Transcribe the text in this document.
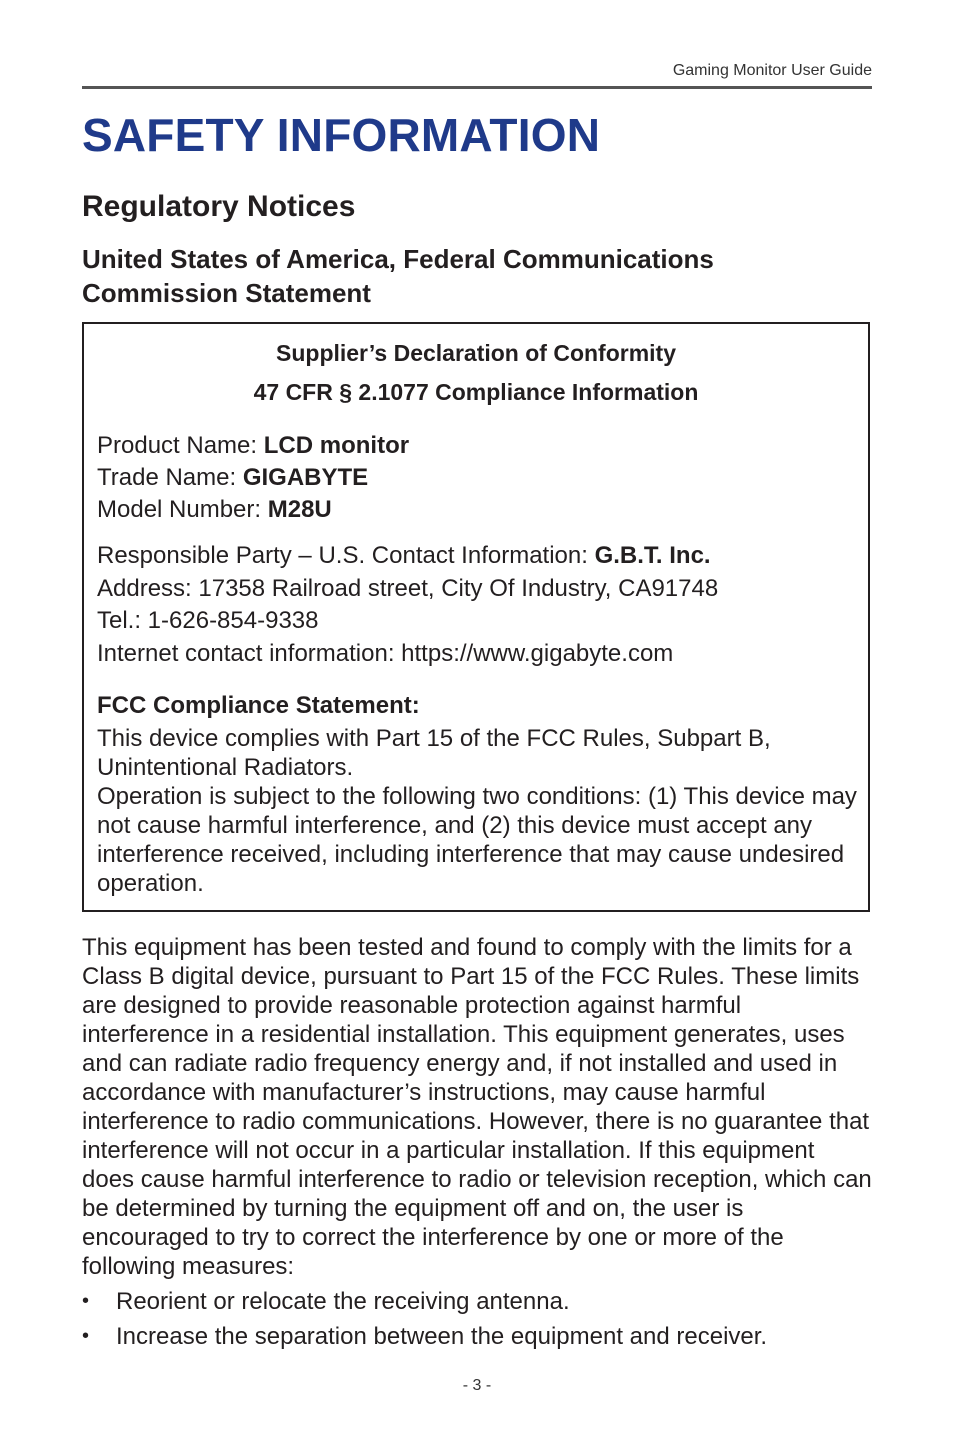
Gaming Monitor User Guide
SAFETY INFORMATION
Regulatory Notices
United States of America, Federal Communications Commission Statement
Supplier’s Declaration of Conformity
47 CFR § 2.1077 Compliance Information
Product Name: LCD monitor
Trade Name: GIGABYTE
Model Number: M28U
Responsible Party – U.S. Contact Information: G.B.T. Inc.
Address: 17358 Railroad street, City Of Industry, CA91748
Tel.: 1-626-854-9338
Internet contact information: https://www.gigabyte.com
FCC Compliance Statement:
This device complies with Part 15 of the FCC Rules, Subpart B, Unintentional Radiators.
Operation is subject to the following two conditions: (1) This device may not cause harmful interference, and (2) this device must accept any interference received, including interference that may cause undesired operation.

This equipment has been tested and found to comply with the limits for a Class B digital device, pursuant to Part 15 of the FCC Rules. These limits are designed to provide reasonable protection against harmful interference in a residential installation. This equipment generates, uses and can radiate radio frequency energy and, if not installed and used in accordance with manufacturer’s instructions, may cause harmful interference to radio communications. However, there is no guarantee that interference will not occur in a particular installation. If this equipment does cause harmful interference to radio or television reception, which can be determined by turning the equipment off and on, the user is encouraged to try to correct the interference by one or more of the following measures:

• Reorient or relocate the receiving antenna.
• Increase the separation between the equipment and receiver.
- 3 -
